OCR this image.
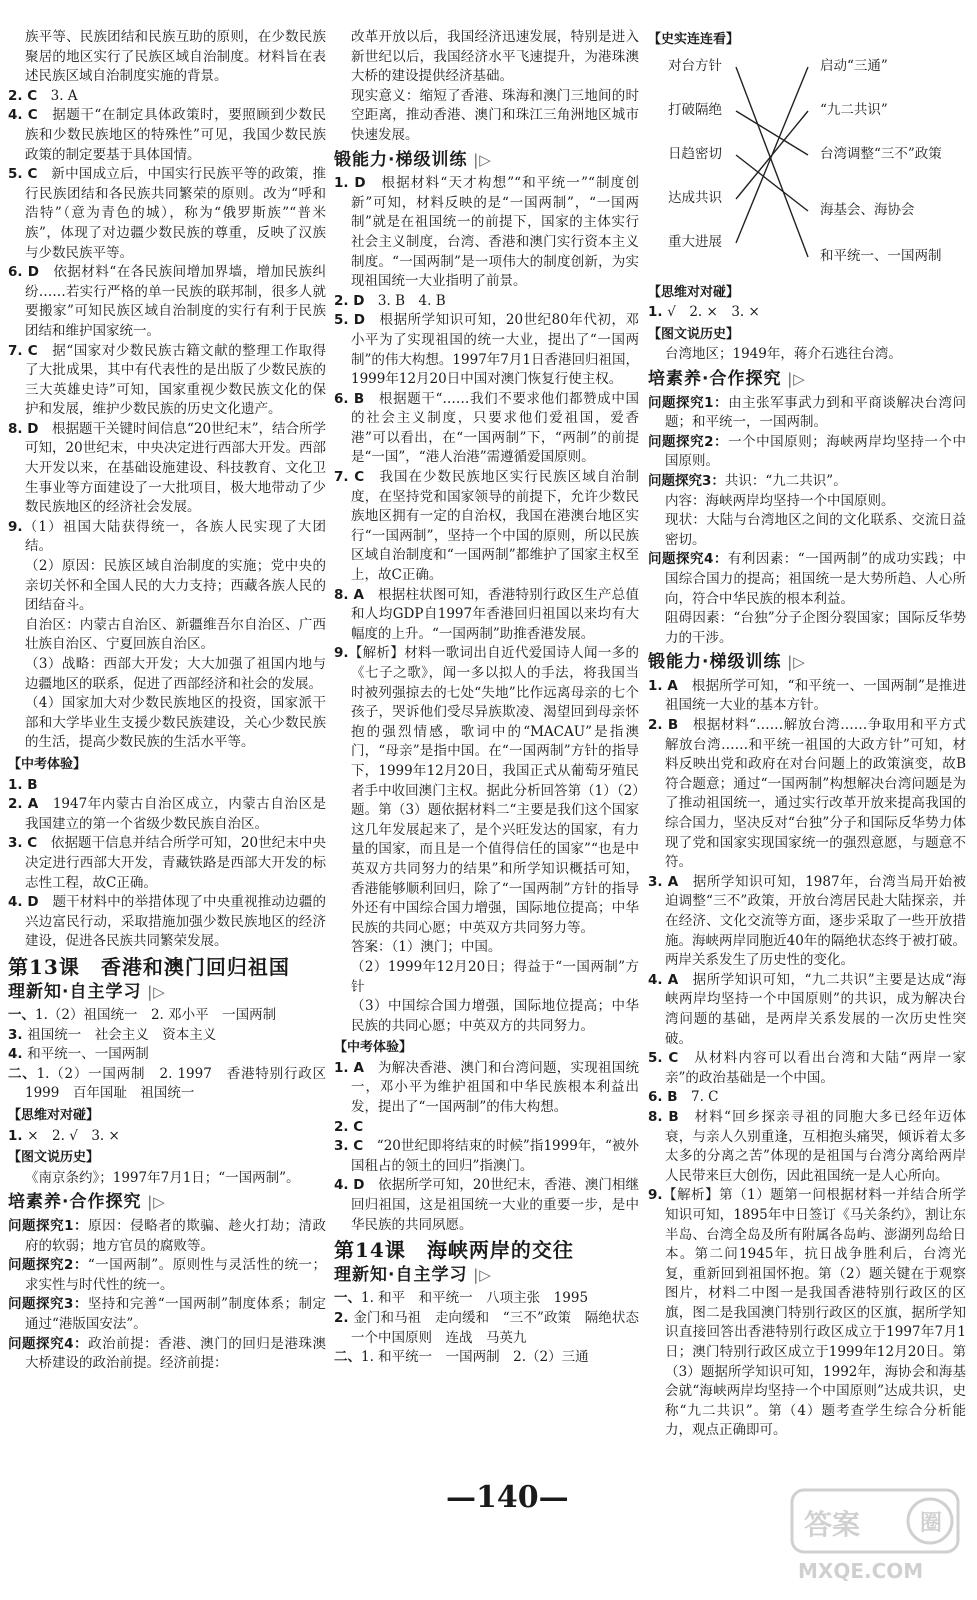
族平等、民族团结和民族互助的原则，在少数民族聚居的地区实行了民族区域自治制度。材料旨在表述民族区域自治制度实施的背景。

2. C　3. A

4. C　据题干“在制定具体政策时，要照顾到少数民族和少数民族地区的特殊性”可见，我国少数民族政策的制定要基于具体国情。

5. C　新中国成立后，中国实行民族平等的政策，推行民族团结和各民族共同繁荣的原则。改为“呼和浩特”（意为青色的城），称为“俄罗斯族”“普米族”，体现了对边疆少数民族的尊重，反映了汉族与少数民族平等。

6. D　依据材料“在各民族间增加界墙，增加民族纠纷……若实行严格的单一民族的联邦制，很多人就要搬家”可知民族区域自治制度的实行有利于民族团结和维护国家统一。

7. C　据“国家对少数民族古籍文献的整理工作取得了大批成果，其中有代表性的是出版了少数民族的三大英雄史诗”可知，国家重视少数民族文化的保护和发展，维护少数民族的历史文化遗产。

8. D　根据题干关键时间信息“20世纪末”，结合所学可知，20世纪末，中央决定进行西部大开发。西部大开发以来，在基础设施建设、科技教育、文化卫生事业等方面建设了一大批项目，极大地带动了少数民族地区的经济社会发展。

9.（1）祖国大陆获得统一，各族人民实现了大团结。

（2）原因：民族区域自治制度的实施；党中央的亲切关怀和全国人民的大力支持；西藏各族人民的团结奋斗。

自治区：内蒙古自治区、新疆维吾尔自治区、广西壮族自治区、宁夏回族自治区。

（3）战略：西部大开发；大大加强了祖国内地与边疆地区的联系，促进了西部经济和社会的发展。

（4）国家加大对少数民族地区的投资，国家派干部和大学毕业生支援少数民族建设，关心少数民族的生活，提高少数民族的生活水平等。

【中考体验】

1. B

2. A　1947年内蒙古自治区成立，内蒙古自治区是我国建立的第一个省级少数民族自治区。

3. C　依据题干信息并结合所学可知，20世纪末中央决定进行西部大开发，青藏铁路是西部大开发的标志性工程，故C正确。

4. D　题干材料中的举措体现了中央重视推动边疆的兴边富民行动，采取措施加强少数民族地区的经济建设，促进各民族共同繁荣发展。

第13课　香港和澳门回归祖国

理新知·自主学习 |▷

一、1.（2）祖国统一　2. 邓小平　一国两制

3. 祖国统一　社会主义　资本主义

4. 和平统一、一国两制

二、1.（2）一国两制　2. 1997　香港特别行政区　1999　百年国耻　祖国统一

【思维对对碰】

1. ×　2. √　3. ×

【图文说历史】

《南京条约》；1997年7月1日；“一国两制”。

培素养·合作探究 |▷

问题探究1：原因：侵略者的欺骗、趁火打劫；清政府的软弱；地方官员的腐败等。

问题探究2：“一国两制”。原则性与灵活性的统一；求实性与时代性的统一。

问题探究3：坚持和完善“一国两制”制度体系；制定通过“港版国安法”。

问题探究4：政治前提：香港、澳门的回归是港珠澳大桥建设的政治前提。经济前提：

改革开放以后，我国经济迅速发展，特别是进入新世纪以后，我国经济水平飞速提升，为港珠澳大桥的建设提供经济基础。

现实意义：缩短了香港、珠海和澳门三地间的时空距离，推动香港、澳门和珠江三角洲地区城市快速发展。

锻能力·梯级训练 |▷

1. D　根据材料“天才构想”“和平统一”“制度创新”可知，材料反映的是“一国两制”，“一国两制”就是在祖国统一的前提下，国家的主体实行社会主义制度，台湾、香港和澳门实行资本主义制度。“一国两制”是一项伟大的制度创新，为实现祖国统一大业指明了前景。

2. D　3. B　4. B

5. D　根据所学知识可知，20世纪80年代初，邓小平为了实现祖国的统一大业，提出了“一国两制”的伟大构想。1997年7月1日香港回归祖国，1999年12月20日中国对澳门恢复行使主权。

6. B　根据题干“……我们不要求他们都赞成中国的社会主义制度，只要求他们爱祖国，爱香港”可以看出，在“一国两制”下，“两制”的前提是“一国”，“港人治港”需遵循爱国原则。

7. C　我国在少数民族地区实行民族区域自治制度，在坚持党和国家领导的前提下，允许少数民族地区拥有一定的自治权，我国在港澳台地区实行“一国两制”，坚持一个中国的原则，所以民族区域自治制度和“一国两制”都维护了国家主权至上，故C正确。

8. A　根据柱状图可知，香港特别行政区生产总值和人均GDP自1997年香港回归祖国以来均有大幅度的上升。“一国两制”助推香港发展。

9.【解析】材料一歌词出自近代爱国诗人闻一多的《七子之歌》，闻一多以拟人的手法，将我国当时被列强掠去的七处“失地”比作远离母亲的七个孩子，哭诉他们受尽异族欺凌、渴望回到母亲怀抱的强烈情感，歌词中的“MACAU”是指澳门，“母亲”是指中国。在“一国两制”方针的指导下，1999年12月20日，我国正式从葡萄牙殖民者手中收回澳门主权。据此分析回答第（1）（2）题。第（3）题依据材料二“主要是我们这个国家这几年发展起来了，是个兴旺发达的国家，有力量的国家，而且是一个值得信任的国家”“也是中英双方共同努力的结果”和所学知识概括可知，香港能够顺利回归，除了“一国两制”方针的指导外还有中国综合国力增强，国际地位提高；中华民族的共同心愿；中英双方共同努力等。

答案：（1）澳门；中国。

（2）1999年12月20日；得益于“一国两制”方针

（3）中国综合国力增强，国际地位提高；中华民族的共同心愿；中英双方的共同努力。

【中考体验】

1. A　为解决香港、澳门和台湾问题，实现祖国统一，邓小平为维护祖国和中华民族根本利益出发，提出了“一国两制”的伟大构想。

2. C

3. C　“20世纪即将结束的时候”指1999年，“被外国租占的领土的回归”指澳门。

4. D　依据所学可知，20世纪末，香港、澳门相继回归祖国，这是祖国统一大业的重要一步，是中华民族的共同夙愿。

第14课　海峡两岸的交往

理新知·自主学习 |▷

一、1. 和平　和平统一　八项主张　1995

2. 金门和马祖　走向缓和　“三不”政策　隔绝状态　一个中国原则　连战　马英九

二、1. 和平统一　一国两制　2.（2）三通

【史实连连看】

对台方针
打破隔绝
日趋密切
达成共识
重大进展
启动“三通”
“九二共识”
台湾调整“三不”政策
海基会、海协会
和平统一、一国两制

【思维对对碰】

1. √　2. ×　3. ×

【图文说历史】

台湾地区；1949年，蒋介石逃往台湾。

培素养·合作探究 |▷

问题探究1：由主张军事武力到和平商谈解决台湾问题；和平统一，一国两制。

问题探究2：一个中国原则；海峡两岸均坚持一个中国原则。

问题探究3：共识：“九二共识”。

内容：海峡两岸均坚持一个中国原则。

现状：大陆与台湾地区之间的文化联系、交流日益密切。

问题探究4：有利因素：“一国两制”的成功实践；中国综合国力的提高；祖国统一是大势所趋、人心所向，符合中华民族的根本利益。

阻碍因素：“台独”分子企图分裂国家；国际反华势力的干涉。

锻能力·梯级训练 |▷

1. A　根据所学可知，“和平统一、一国两制”是推进祖国统一大业的基本方针。

2. B　根据材料“……解放台湾……争取用和平方式解放台湾……和平统一祖国的大政方针”可知，材料反映出党和政府在对台问题上的政策演变，故B符合题意；通过“一国两制”构想解决台湾问题是为了推动祖国统一，通过实行改革开放来提高我国的综合国力，坚决反对“台独”分子和国际反华势力体现了党和国家实现国家统一的强烈意愿，与题意不符。

3. A　据所学知识可知，1987年，台湾当局开始被迫调整“三不”政策，开放台湾居民赴大陆探亲，并在经济、文化交流等方面，逐步采取了一些开放措施。海峡两岸同胞近40年的隔绝状态终于被打破。两岸关系发生了历史性的变化。

4. A　据所学知识可知，“九二共识”主要是达成“海峡两岸均坚持一个中国原则”的共识，成为解决台湾问题的基础，是两岸关系发展的一次历史性突破。

5. C　从材料内容可以看出台湾和大陆“两岸一家亲”的政治基础是一个中国。

6. B　7. C

8. B　材料“回乡探亲寻祖的同胞大多已经年迈体衰，与亲人久别重逢，互相抱头痛哭，倾诉着太多太多的分离之苦”体现的是祖国与台湾分离给两岸人民带来巨大创伤，因此祖国统一是人心所向。

9.【解析】第（1）题第一问根据材料一并结合所学知识可知，1895年中日签订《马关条约》，割让东半岛、台湾全岛及所有附属各岛屿、澎湖列岛给日本。第二问1945年，抗日战争胜利后，台湾光复，重新回到祖国怀抱。第（2）题关键在于观察图片，材料二中图一是我国香港特别行政区的区旗，图二是我国澳门特别行政区的区旗，据所学知识直接回答出香港特别行政区成立于1997年7月1日；澳门特别行政区成立于1999年12月20日。第（3）题据所学知识可知，1992年，海协会和海基会就“海峡两岸均坚持一个中国原则”达成共识，史称“九二共识”。第（4）题考查学生综合分析能力，观点正确即可。

—140—
答案	圈
MXQE.COM
